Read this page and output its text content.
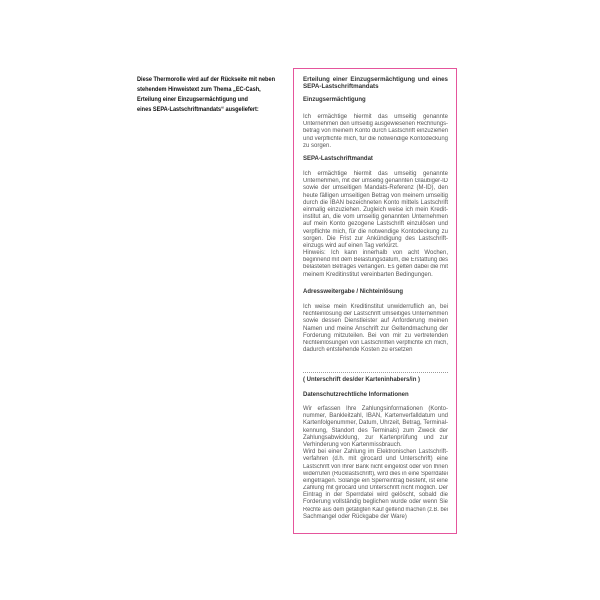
Diese Thermorolle wird auf der Rückseite mit neben
stehendem Hinweistext zum Thema „EC-Cash,
Erteilung einer Einzugsermächtigung und
eines SEPA-Lastschriftmandats“ ausgeliefert:
Erteilung einer Einzugsermächtigung und eines
SEPA-Lastschriftmandats
Einzugsermächtigung
Ich ermächtige hiermit das umseitig genannte
Unternehmen den umseitig ausgewiesenen Rechnungs-
betrag von meinem Konto durch Lastschrift einzuziehen
und verpflichte mich, für die notwendige Kontodeckung
zu sorgen.
SEPA-Lastschriftmandat
Ich ermächtige hiermit das umseitig genannte
Unternehmen, mit der umseitig genannten Gläubiger-ID
sowie der umseitigen Mandats-Referenz (M-ID), den
heute fälligen umseitigen Betrag von meinem umseitig
durch die IBAN bezeichneten Konto mittels Lastschrift
einmalig einzuziehen. Zugleich weise ich mein Kredit-
institut an, die vom umseitig genannten Unternehmen
auf mein Konto gezogene Lastschrift einzulösen und
verpflichte mich, für die notwendige Kontodeckung zu
sorgen. Die Frist zur Ankündigung des Lastschrift-
einzugs wird auf einen Tag verkürzt.
Hinweis: Ich kann innerhalb von acht Wochen,
beginnend mit dem Belastungsdatum, die Erstattung des
belasteten Betrages verlangen. Es gelten dabei die mit
meinem Kreditinstitut vereinbarten Bedingungen.
Adressweitergabe / Nichteinlösung
Ich weise mein Kreditinstitut unwiderruflich an, bei
Nichteinlösung der Lastschrift umseitiges Unternehmen
sowie dessen Dienstleister auf Anforderung meinen
Namen und meine Anschrift zur Geltendmachung der
Forderung mitzuteilen. Bei von mir zu vertretenden
Nichteinlösungen von Lastschriften verpflichte ich mich,
dadurch entstehende Kosten zu ersetzen
( Unterschrift des/der Karteninhabers/in )
Datenschutzrechtliche Informationen
Wir erfassen Ihre Zahlungsinformationen (Konto-
nummer, Bankleitzahl, IBAN, Kartenverfalldatum und
Kartenfolgenummer, Datum, Uhrzeit, Betrag, Terminal-
kennung, Standort des Terminals) zum Zweck der
Zahlungsabwicklung, zur Kartenprüfung und zur
Verhinderung von Kartenmissbrauch.
Wird bei einer Zahlung im Elektronischen Lastschrift-
verfahren (d.h. mit girocard und Unterschrift) eine
Lastschrift von Ihrer Bank nicht eingelöst oder von Ihnen
widerrufen (Rücklastschrift), wird dies in eine Sperrdatei
eingetragen. Solange ein Sperreintrag besteht, ist eine
Zahlung mit girocard und Unterschrift nicht möglich. Der
Eintrag in der Sperrdatei wird gelöscht, sobald die
Forderung vollständig beglichen wurde oder wenn Sie
Rechte aus dem getätigten Kauf geltend machen (z.B. bei
Sachmangel oder Rückgabe der Ware)
